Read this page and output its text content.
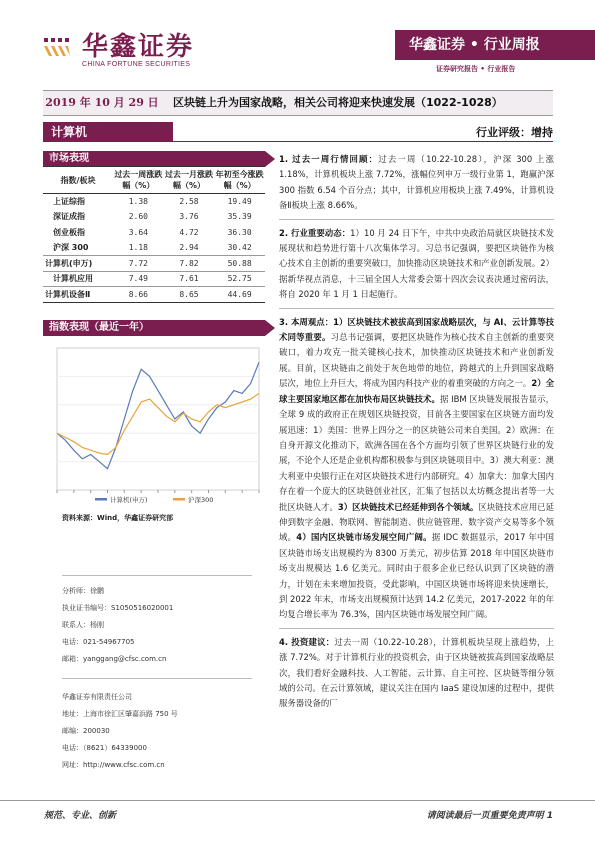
华鑫证券
CHINA FORTUNE SECURITIES
华鑫证券 • 行业周报
证券研究报告 • 行业报告
2019 年 10 月 29 日 区块链上升为国家战略，相关公司将迎来快速发展（1022-1028）
计算机	行业评级：增持
市场表现
指数/板块	过去一周涨跌幅（%）	过去一月涨跌幅（%）	年初至今涨跌幅（%）
上证综指	1.38	2.58	19.49
深证成指	2.60	3.76	35.39
创业板指	3.64	4.72	36.30
沪深 300	1.18	2.94	30.42
计算机(申万)	7.72	7.82	50.88
计算机应用	7.49	7.61	52.75
计算机设备Ⅱ	8.66	8.65	44.69
指数表现（最近一年）
计算机(申万)	沪深300
资料来源：Wind，华鑫证券研究部
分析师：徐鹏
执业证书编号：S1050516020001
联系人：杨刚
电话：021-54967705
邮箱：yanggang@cfsc.com.cn
华鑫证券有限责任公司
地址：上海市徐汇区肇嘉浜路 750 号
邮编：200030
电话：（8621）64339000
网址：http://www.cfsc.com.cn

1. 过去一周行情回顾：过去一周（10.22-10.28），沪深 300 上涨 1.18%，计算机板块上涨 7.72%，涨幅位列申万一级行业第 1，跑赢沪深 300 指数 6.54 个百分点；其中，计算机应用板块上涨 7.49%，计算机设备Ⅱ板块上涨 8.66%。

2. 行业重要动态：1）10 月 24 日下午，中共中央政治局就区块链技术发展现状和趋势进行第十八次集体学习。习总书记强调，要把区块链作为核心技术自主创新的重要突破口，加快推动区块链技术和产业创新发展。2）据新华视点消息，十三届全国人大常委会第十四次会议表决通过密码法，将自 2020 年 1 月 1 日起施行。

3. 本周观点：1）区块链技术被拔高到国家战略层次，与 AI、云计算等技术同等重要。习总书记强调，要把区块链作为核心技术自主创新的重要突破口，着力攻克一批关键核心技术，加快推动区块链技术和产业创新发展。目前，区块链由之前处于灰色地带的地位，跨越式的上升到国家战略层次，地位上升巨大，将成为国内科技产业的着重突破的方向之一。2）全球主要国家地区都在加快布局区块链技术。据 IBM 区块链发展报告显示，全球 9 成的政府正在规划区块链投资，目前各主要国家在区块链方面均发展迅速：1）美国：世界上四分之一的区块链公司来自美国。2）欧洲：在自身开源文化推动下，欧洲各国在各个方面均引领了世界区块链行业的发展，不论个人还是企业机构都积极参与到区块链项目中。3）澳大利亚：澳大利亚中央银行正在对区块链技术进行内部研究。4）加拿大：加拿大国内存在着一个庞大的区块链创业社区，汇集了包括以太坊概念提出者等一大批区块链人才。3）区块链技术已经延伸到各个领域。区块链技术应用已延伸到数字金融、物联网、智能制造、供应链管理、数字资产交易等多个领域。4）国内区块链市场发展空间广阔。据 IDC 数据显示，2017 年中国区块链市场支出规模约为 8300 万美元，初步估算 2018 年中国区块链市场支出规模达 1.6 亿美元。同时由于很多企业已经认识到了区块链的潜力，计划在未来增加投资，受此影响，中国区块链市场将迎来快速增长，到 2022 年末，市场支出规模预计达到 14.2 亿美元，2017-2022 年的年均复合增长率为 76.3%，国内区块链市场发展空间广阔。

4. 投资建议：过去一周（10.22-10.28），计算机板块呈现上涨趋势，上涨 7.72%。对于计算机行业的投资机会，由于区块链被拔高到国家战略层次，我们看好金融科技、人工智能、云计算、自主可控、区块链等细分领域的公司。在云计算领域，建议关注在国内 IaaS 建设加速的过程中，提供服务器设备的厂

规范、专业、创新	请阅读最后一页重要免责声明 1
